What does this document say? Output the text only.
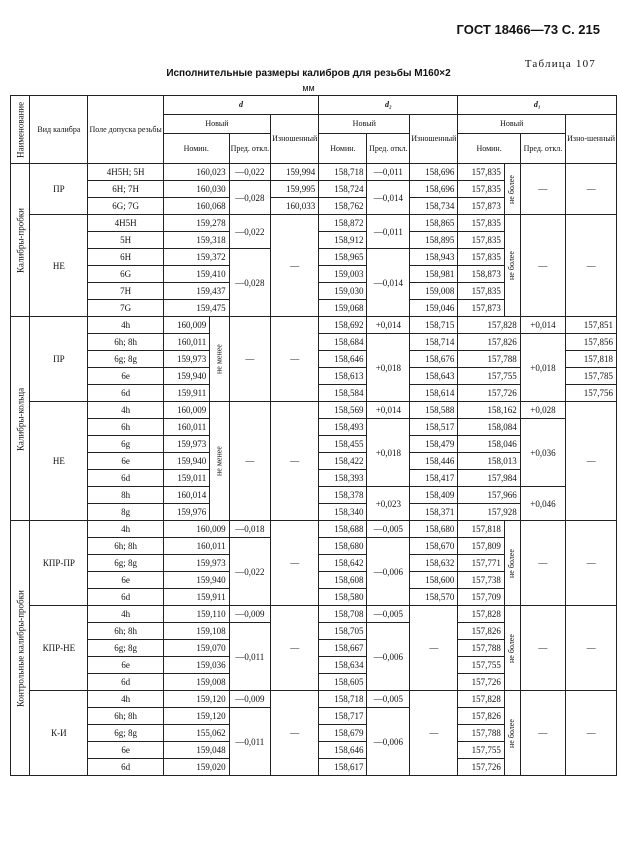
ГОСТ 18466—73 С. 215
Таблица 107
Исполнительные размеры калибров для резьбы М160×2
мм
Наименование	Вид калибра	Поле допуска резьбы	d				d₂			d₁			
			Новый			Изношенный	Новый		Изношенный	Новый			Изно-шенный
			Номин.		Пред. откл.		Номин.	Пред. откл.		Номин.		Пред. откл.	
Калибры-пробки	ПР	4H5H; 5H	160,023		—0,022	159,994	158,718	—0,011	158,696	157,835	не более	—	—
		6H; 7H	160,030		—0,028	159,995	158,724	—0,014	158,696	157,835			
		6G; 7G	160,068			160,033	158,762		158,734	157,873			
	НЕ	4H5H	159,278		—0,022	—	158,872	—0,011	158,865	157,835	не более	—	—
		5H	159,318				158,912		158,895	157,835			
		6H	159,372		—0,028		158,965	—0,014	158,943	157,835			
		6G	159,410				159,003		158,981	158,873			
		7H	159,437				159,030		159,008	157,835			
		7G	159,475				159,068		159,046	157,873			
Калибры-кольца	ПР	4h	160,009	не менее	—	—	158,692	+0,014	158,715	157,828		+0,014	157,851
		6h; 8h	160,011				158,684	+0,018	158,714	157,826		+0,018	157,856
		6g; 8g	159,973				158,646		158,676	157,788			157,818
		6e	159,940				158,613		158,643	157,755			157,785
		6d	159,911				158,584		158,614	157,726			157,756
	НЕ	4h	160,009	не менее	—	—	158,569	+0,014	158,588	158,162		+0,028	—
		6h	160,011				158,493	+0,018	158,517	158,084		+0,036	
		6g	159,973				158,455		158,479	158,046			
		6e	159,940				158,422		158,446	158,013			
		6d	159,011				158,393		158,417	157,984			
		8h	160,014				158,378	+0,023	158,409	157,966		+0,046	
		8g	159,976				158,340		158,371	157,928			
Контрольные калибры-пробки	КПР-ПР	4h	160,009		—0,018	—	158,688	—0,005	158,680	157,818	не более	—	—
		6h; 8h	160,011		—0,022		158,680	—0,006	158,670	157,809			
		6g; 8g	159,973				158,642		158,632	157,771			
		6e	159,940				158,608		158,600	157,738			
		6d	159,911				158,580		158,570	157,709			
	КПР-НЕ	4h	159,110		—0,009	—	158,708	—0,005	—	157,828	не более	—	—
		6h; 8h	159,108		—0,011		158,705	—0,006		157,826			
		6g; 8g	159,070				158,667			157,788			
		6e	159,036				158,634			157,755			
		6d	159,008				158,605			157,726			
	К-И	4h	159,120		—0,009	—	158,718	—0,005	—	157,828	не более	—	—
		6h; 8h	159,120		—0,011		158,717	—0,006		157,826			
		6g; 8g	155,062				158,679			157,788			
		6e	159,048				158,646			157,755			
		6d	159,020				158,617			157,726			
